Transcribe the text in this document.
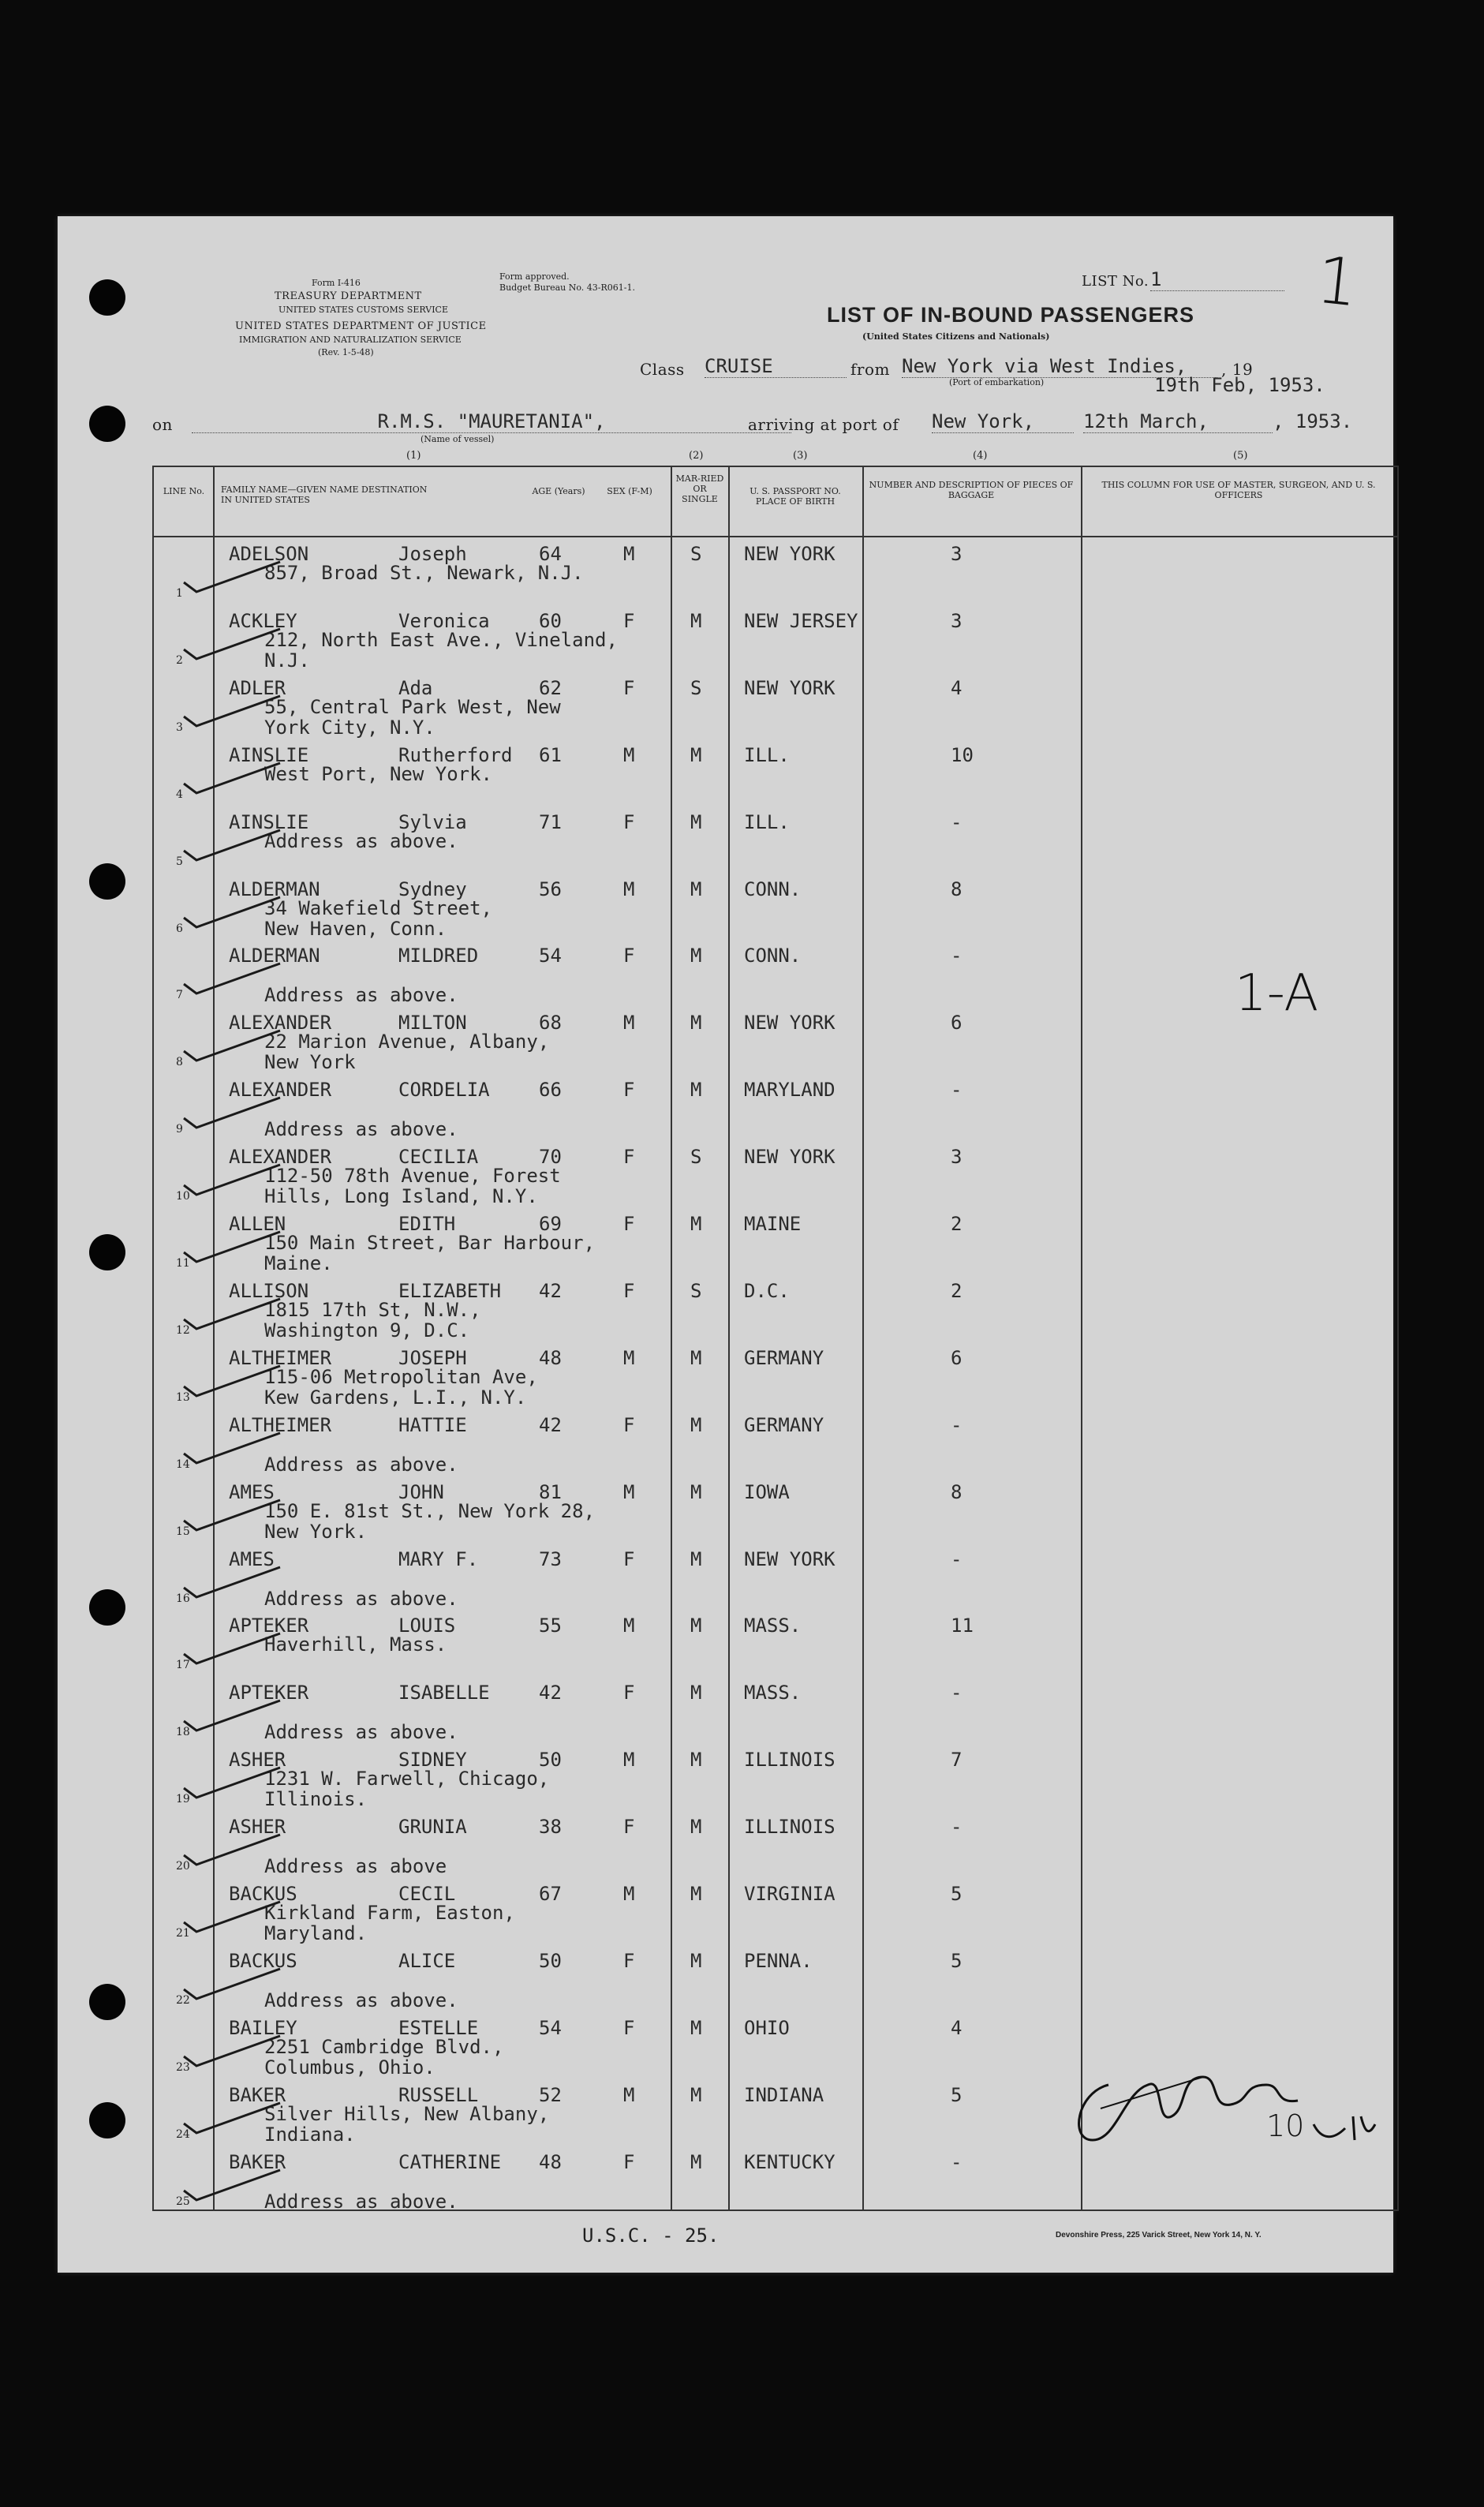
Form I-416
TREASURY DEPARTMENT
UNITED STATES CUSTOMS SERVICE
UNITED STATES DEPARTMENT OF JUSTICE
IMMIGRATION AND NATURALIZATION SERVICE
(Rev. 1-5-48)
Form approved.
Budget Bureau No. 43-R061-1.	LIST No. 1	1
LIST OF IN-BOUND PASSENGERS
(United States Citizens and Nationals)
Class CRUISE	from New York via West Indies,	, 19
(Port of embarkation)	19th Feb, 1953.
on	R.M.S. "MAURETANIA",
(Name of vessel)
arriving at port of New York,	12th March,	, 1953.
(1)	(2)	(3)	(4)	(5)
LINE No.	FAMILY NAME—GIVEN NAME DESTINATION IN UNITED STATES
AGE (Years)	SEX (F-M)
MAR-RIED OR SINGLE
U. S. PASSPORT NO. PLACE OF BIRTH
NUMBER AND DESCRIPTION OF PIECES OF BAGGAGE
THIS COLUMN FOR USE OF MASTER, SURGEON, AND U. S. OFFICERS
1
ADELSON	Joseph	64	M	S NEW YORK	3
857, Broad St., Newark, N.J.
2
ACKLEY	Veronica	60	F	M NEW JERSEY	3
212, North East Ave., Vineland,
N.J.
3
ADLER	Ada	62	F	S NEW YORK	4
55, Central Park West, New
York City, N.Y.
4
AINSLIE	Rutherford 61	M	M ILL.	10
West Port, New York.
5
AINSLIE	Sylvia	71	F	M ILL.	-
Address as above.
6
ALDERMAN	Sydney	56	M	M CONN.	8
34 Wakefield Street,
New Haven, Conn.
7
ALDERMAN	MILDRED	54	F	M CONN.	-
Address as above.
8
ALEXANDER	MILTON	68	M	M NEW YORK	6
22 Marion Avenue, Albany,
New York
9
ALEXANDER	CORDELIA	66	F	M MARYLAND	-
Address as above.
10
ALEXANDER	CECILIA	70	F	S NEW YORK	3
112-50 78th Avenue, Forest
Hills, Long Island, N.Y.
11
ALLEN	EDITH	69	F	M MAINE	2
150 Main Street, Bar Harbour,
Maine.
12
ALLISON	ELIZABETH 42	F	S D.C.	2
1815 17th St, N.W.,
Washington 9, D.C.
13
ALTHEIMER	JOSEPH	48	M	M GERMANY	6
115-06 Metropolitan Ave,
Kew Gardens, L.I., N.Y.
14
ALTHEIMER	HATTIE	42	F	M GERMANY	-
Address as above.
15
AMES	JOHN	81	M	M IOWA	8
150 E. 81st St., New York 28,
New York.
16
AMES	MARY F.	73	F	M NEW YORK	-
Address as above.
17
APTEKER	LOUIS	55	M	M MASS.	11
Haverhill, Mass.
18
APTEKER	ISABELLE	42	F	M MASS.	-
Address as above.
19
ASHER	SIDNEY	50	M	M ILLINOIS	7
1231 W. Farwell, Chicago,
Illinois.
20
ASHER	GRUNIA	38	F	M ILLINOIS	-
Address as above
21
BACKUS	CECIL	67	M	M VIRGINIA	5
Kirkland Farm, Easton,
Maryland.
22
BACKUS	ALICE	50	F	M PENNA.	5
Address as above.
23
BAILEY	ESTELLE	54	F	M OHIO	4
2251 Cambridge Blvd.,
Columbus, Ohio.
24
BAKER	RUSSELL	52	M	M INDIANA	5
Silver Hills, New Albany,
Indiana.
25
BAKER	CATHERINE 48	F	M KENTUCKY	-
Address as above.
1-A
10
U.S.C. - 25.	Devonshire Press, 225 Varick Street, New York 14, N. Y.
